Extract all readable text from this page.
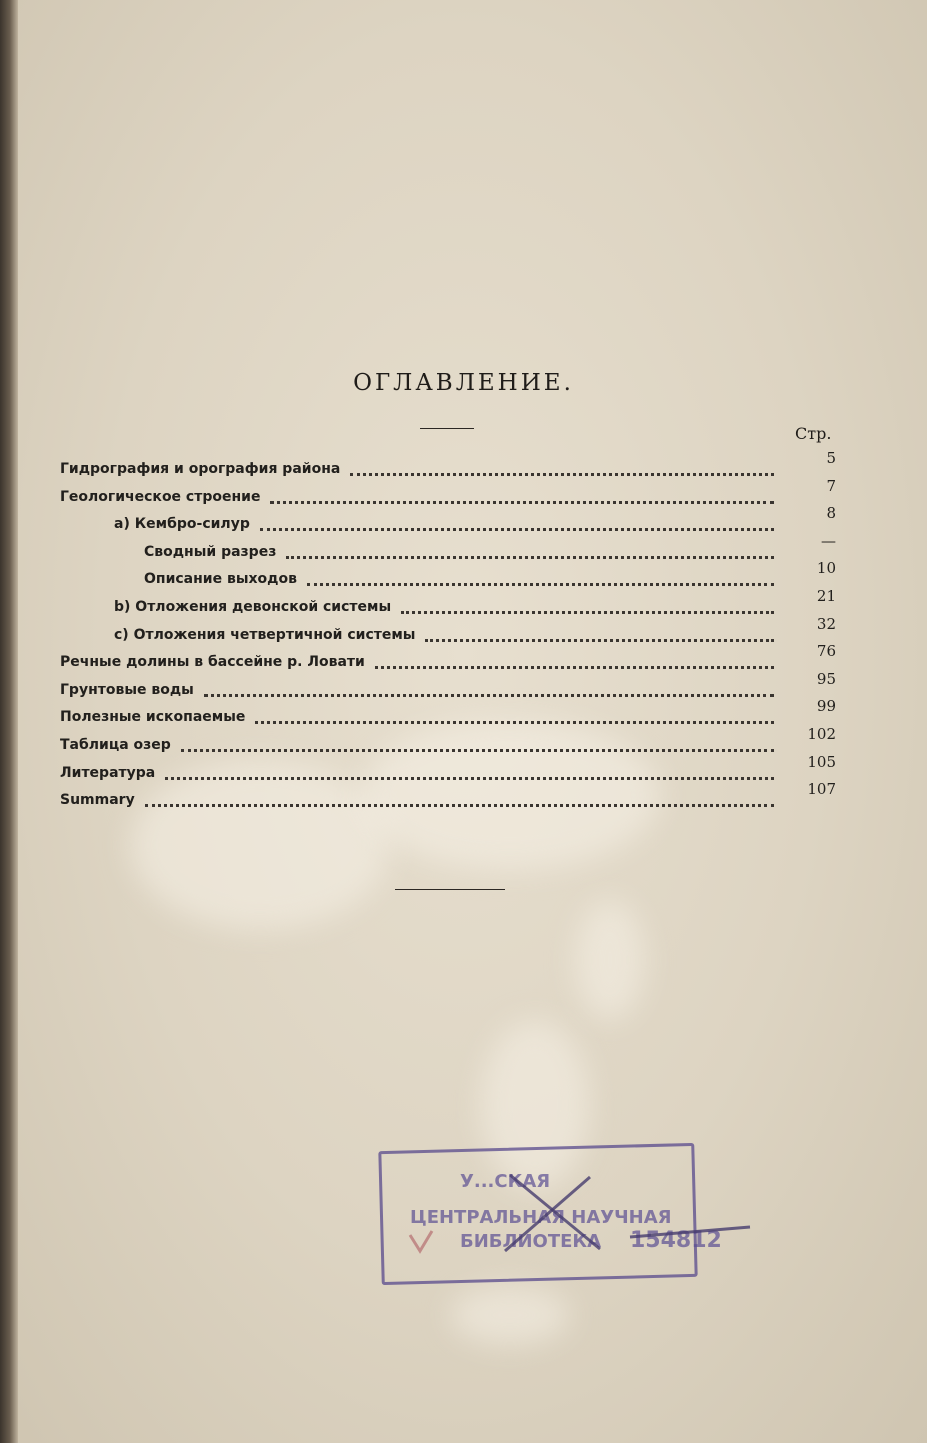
ОГЛАВЛЕНИЕ.
Стр.
Гидрография и орография района
5
Геологическое строение
7
а) Кембро-силур
8
Сводный разрез
—
Описание выходов
10
b) Отложения девонской системы
21
c) Отложения четвертичной системы
32
Речные долины в бассейне р. Ловати
76
Грунтовые воды
95
Полезные ископаемые
99
Таблица озер
102
Литература
105
Summary
107
У...СКАЯ
ЦЕНТРАЛЬНАЯ НАУЧНАЯ
БИБЛИОТЕКА 154812
